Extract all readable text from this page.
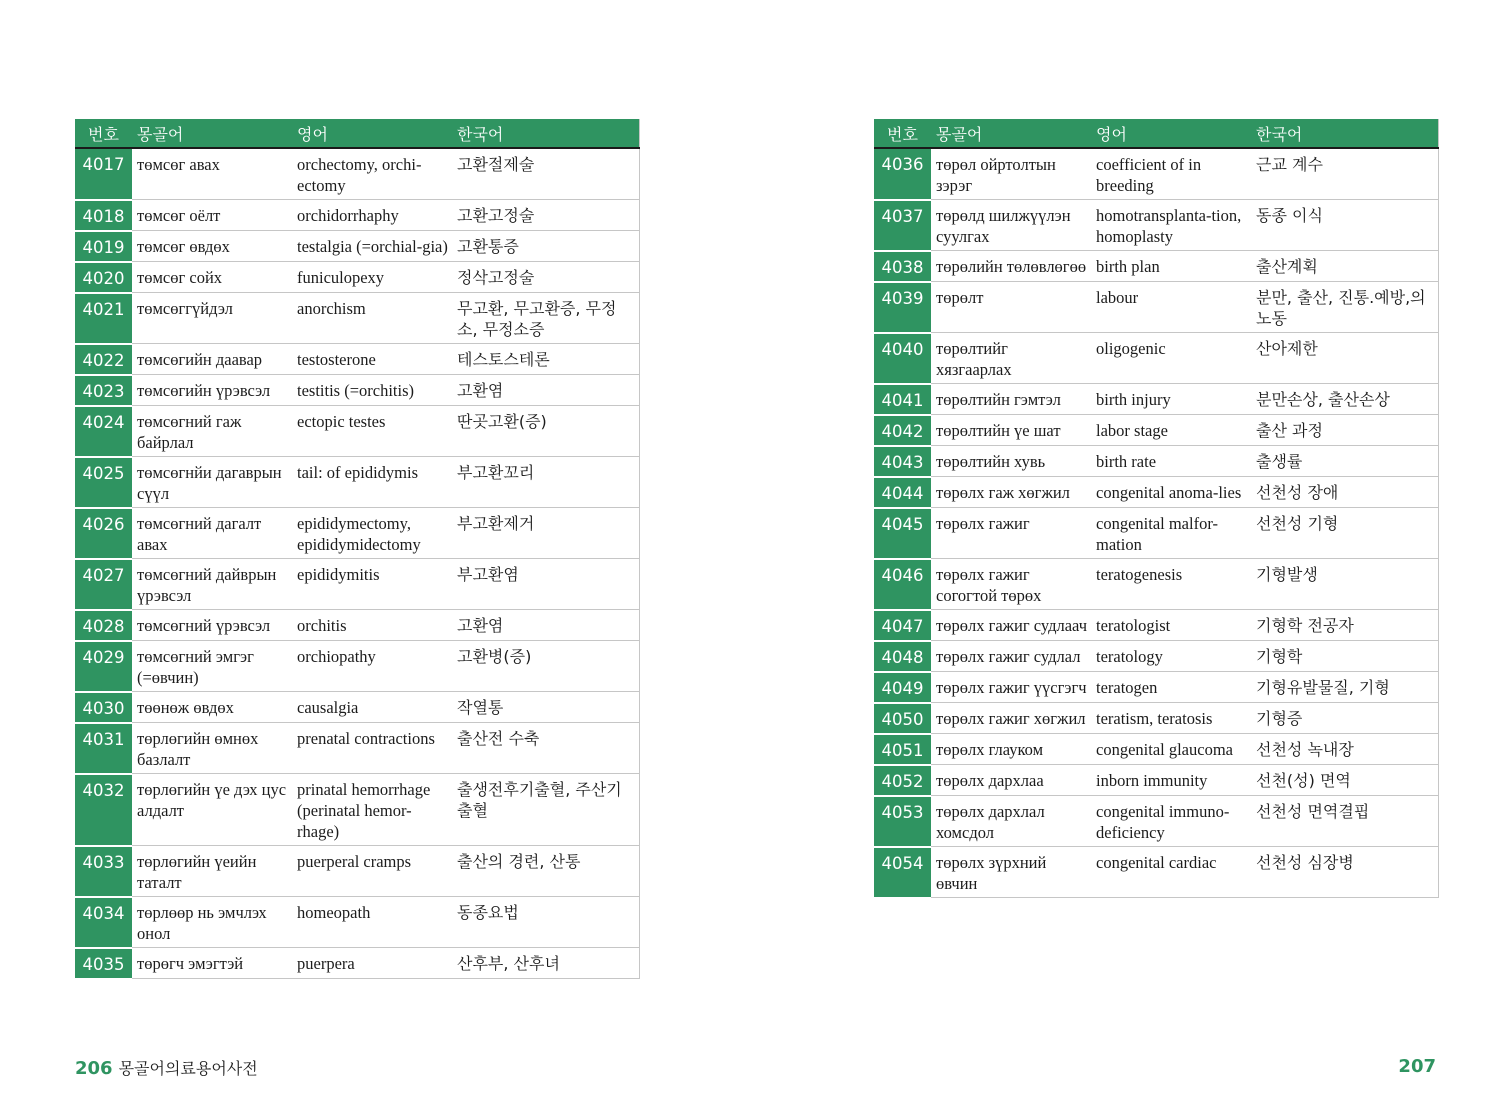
번호	몽골어	영어	한국어
4017	төмсөг авах	orchectomy, orchi-ectomy	고환절제술
4018	төмсөг оёлт	orchidorrhaphy	고환고정술
4019	төмсөг өвдөх	testalgia (=orchial-gia)	고환통증
4020	төмсөг сойх	funiculopexy	정삭고정술
4021	төмсөггүйдэл	anorchism	무고환, 무고환증, 무정소, 무정소증
4022	төмсөгийн даавар	testosterone	테스토스테론
4023	төмсөгийн үрэвсэл	testitis (=orchitis)	고환염
4024	төмсөгний гаж байрлал	ectopic testes	딴곳고환(증)
4025	төмсөгнйи дагаврын сүүл	tail: of epididymis	부고환꼬리
4026	төмсөгний дагалт авах	epididymectomy, epididymidectomy	부고환제거
4027	төмсөгний дайврын үрэвсэл	epididymitis	부고환염
4028	төмсөгний үрэвсэл	orchitis	고환염
4029	төмсөгний эмгэг (=өвчин)	orchiopathy	고환병(증)
4030	төөнөж өвдөх	causalgia	작열통
4031	төрлөгийн өмнөх базлалт	prenatal contractions	출산전 수축
4032	төрлөгийн үе дэх цус алдалт	prinatal hemorrhage (perinatal hemor-rhage)	출생전후기출혈, 주산기출혈
4033	төрлөгийн үеийн таталт	puerperal cramps	출산의 경련, 산통
4034	төрлөөр нь эмчлэх онол	homeopath	동종요법
4035	төрөгч эмэгтэй	puerpera	산후부, 산후녀
번호	몽골어	영어	한국어
4036	төрөл ойртолтын зэрэг	coefficient of in breeding	근교 계수
4037	төрөлд шилжүүлэн суулгах	homotransplanta-tion, homoplasty	동종 이식
4038	төрөлийн төлөвлөгөө	birth plan	출산계획
4039	төрөлт	labour	분만, 출산, 진통.예방,의노동
4040	төрөлтийг хязгаарлах	oligogenic	산아제한
4041	төрөлтийн гэмтэл	birth injury	분만손상, 출산손상
4042	төрөлтийн үе шат	labor stage	출산 과정
4043	төрөлтийн хувь	birth rate	출생률
4044	төрөлх гаж хөгжил	congenital anoma-lies	선천성 장애
4045	төрөлх гажиг	congenital malfor-mation	선천성 기형
4046	төрөлх гажиг согогтой төрөх	teratogenesis	기형발생
4047	төрөлх гажиг судлаач	teratologist	기형학 전공자
4048	төрөлх гажиг судлал	teratology	기형학
4049	төрөлх гажиг үүсгэгч	teratogen	기형유발물질, 기형
4050	төрөлх гажиг хөгжил	teratism, teratosis	기형증
4051	төрөлх глауком	congenital glaucoma	선천성 녹내장
4052	төрөлх дархлаа	inborn immunity	선천(성) 면역
4053	төрөлх дархлал хомсдол	congenital immuno-deficiency	선천성 면역결핍
4054	төрөлх зүрхний өвчин	congenital cardiac	선천성 심장병
206 몽골어의료용어사전	207
